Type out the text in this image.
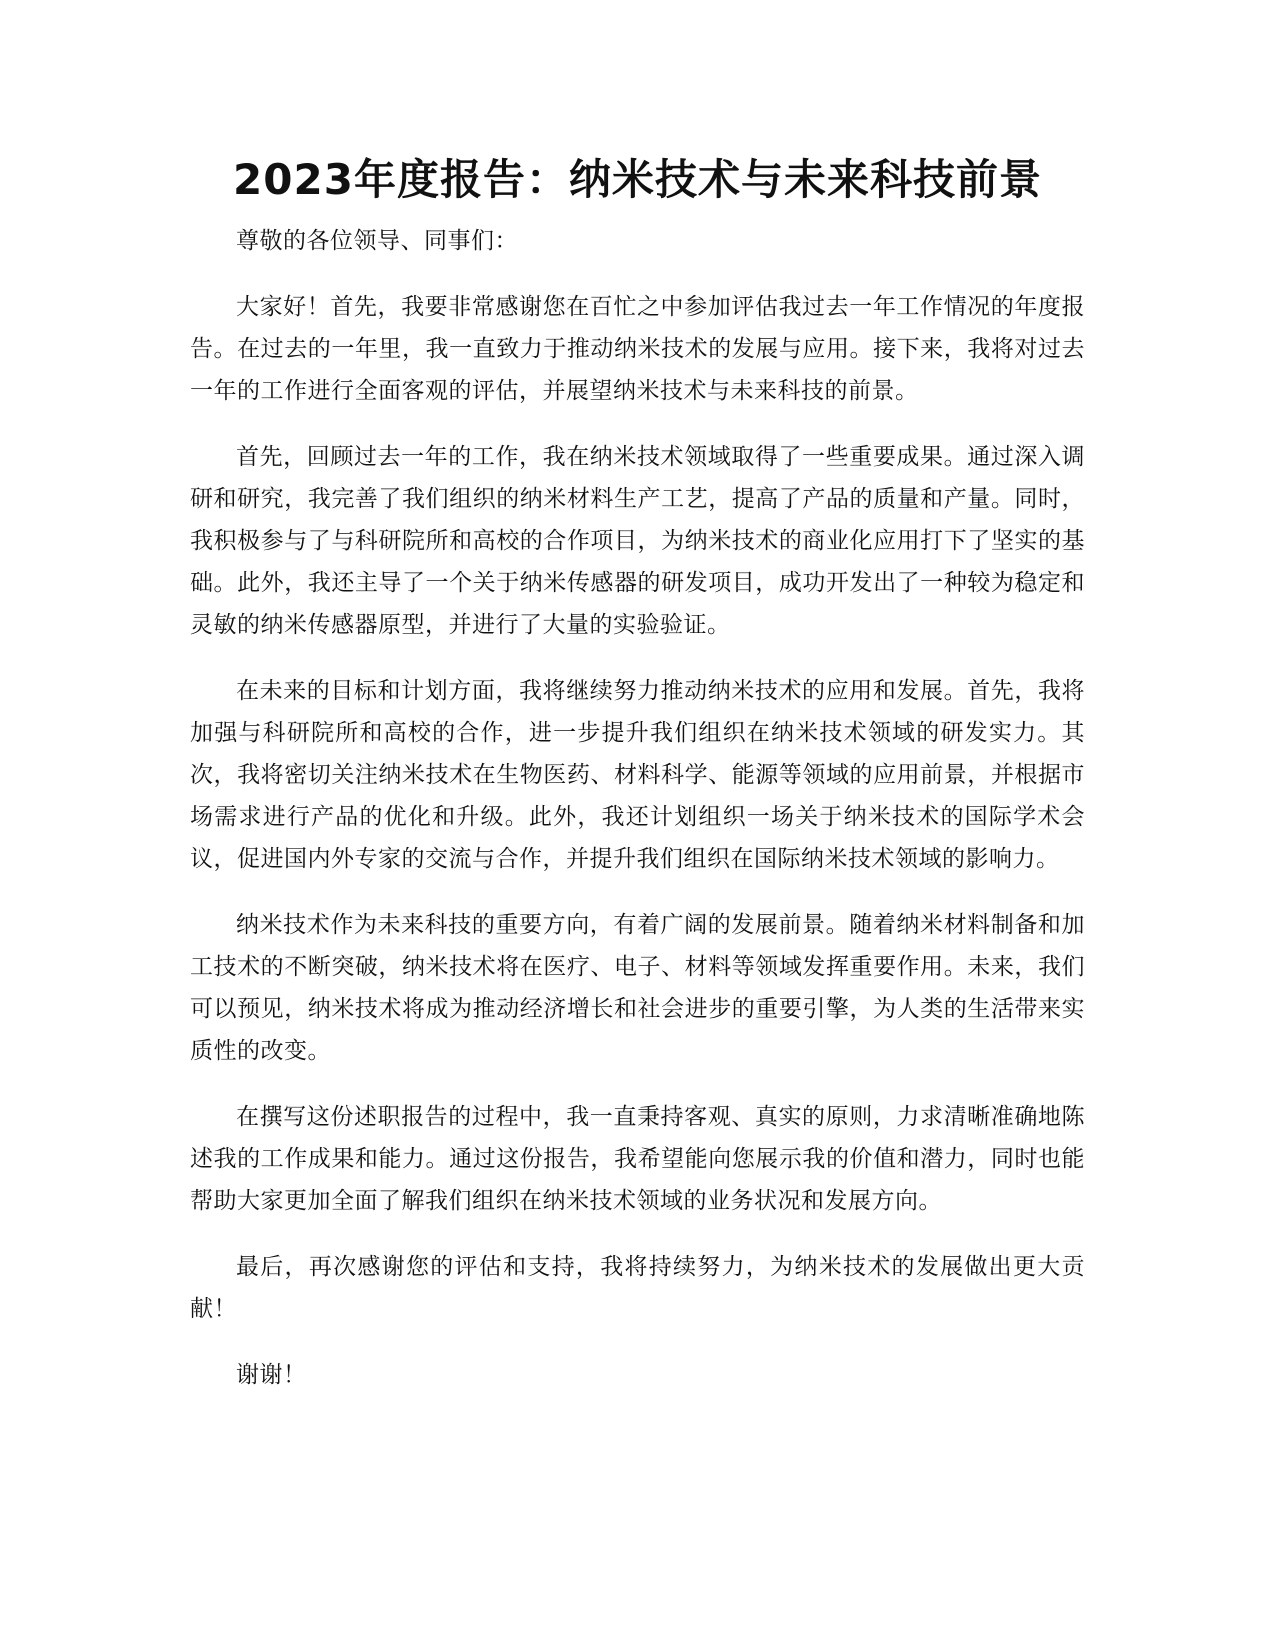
2023年度报告：纳米技术与未来科技前景

尊敬的各位领导、同事们：

大家好！首先，我要非常感谢您在百忙之中参加评估我过去一年工作情况的年度报告。在过去的一年里，我一直致力于推动纳米技术的发展与应用。接下来，我将对过去一年的工作进行全面客观的评估，并展望纳米技术与未来科技的前景。

首先，回顾过去一年的工作，我在纳米技术领域取得了一些重要成果。通过深入调研和研究，我完善了我们组织的纳米材料生产工艺，提高了产品的质量和产量。同时，我积极参与了与科研院所和高校的合作项目，为纳米技术的商业化应用打下了坚实的基础。此外，我还主导了一个关于纳米传感器的研发项目，成功开发出了一种较为稳定和灵敏的纳米传感器原型，并进行了大量的实验验证。

在未来的目标和计划方面，我将继续努力推动纳米技术的应用和发展。首先，我将加强与科研院所和高校的合作，进一步提升我们组织在纳米技术领域的研发实力。其次，我将密切关注纳米技术在生物医药、材料科学、能源等领域的应用前景，并根据市场需求进行产品的优化和升级。此外，我还计划组织一场关于纳米技术的国际学术会议，促进国内外专家的交流与合作，并提升我们组织在国际纳米技术领域的影响力。

纳米技术作为未来科技的重要方向，有着广阔的发展前景。随着纳米材料制备和加工技术的不断突破，纳米技术将在医疗、电子、材料等领域发挥重要作用。未来，我们可以预见，纳米技术将成为推动经济增长和社会进步的重要引擎，为人类的生活带来实质性的改变。

在撰写这份述职报告的过程中，我一直秉持客观、真实的原则，力求清晰准确地陈述我的工作成果和能力。通过这份报告，我希望能向您展示我的价值和潜力，同时也能帮助大家更加全面了解我们组织在纳米技术领域的业务状况和发展方向。

最后，再次感谢您的评估和支持，我将持续努力，为纳米技术的发展做出更大贡献！

谢谢！
